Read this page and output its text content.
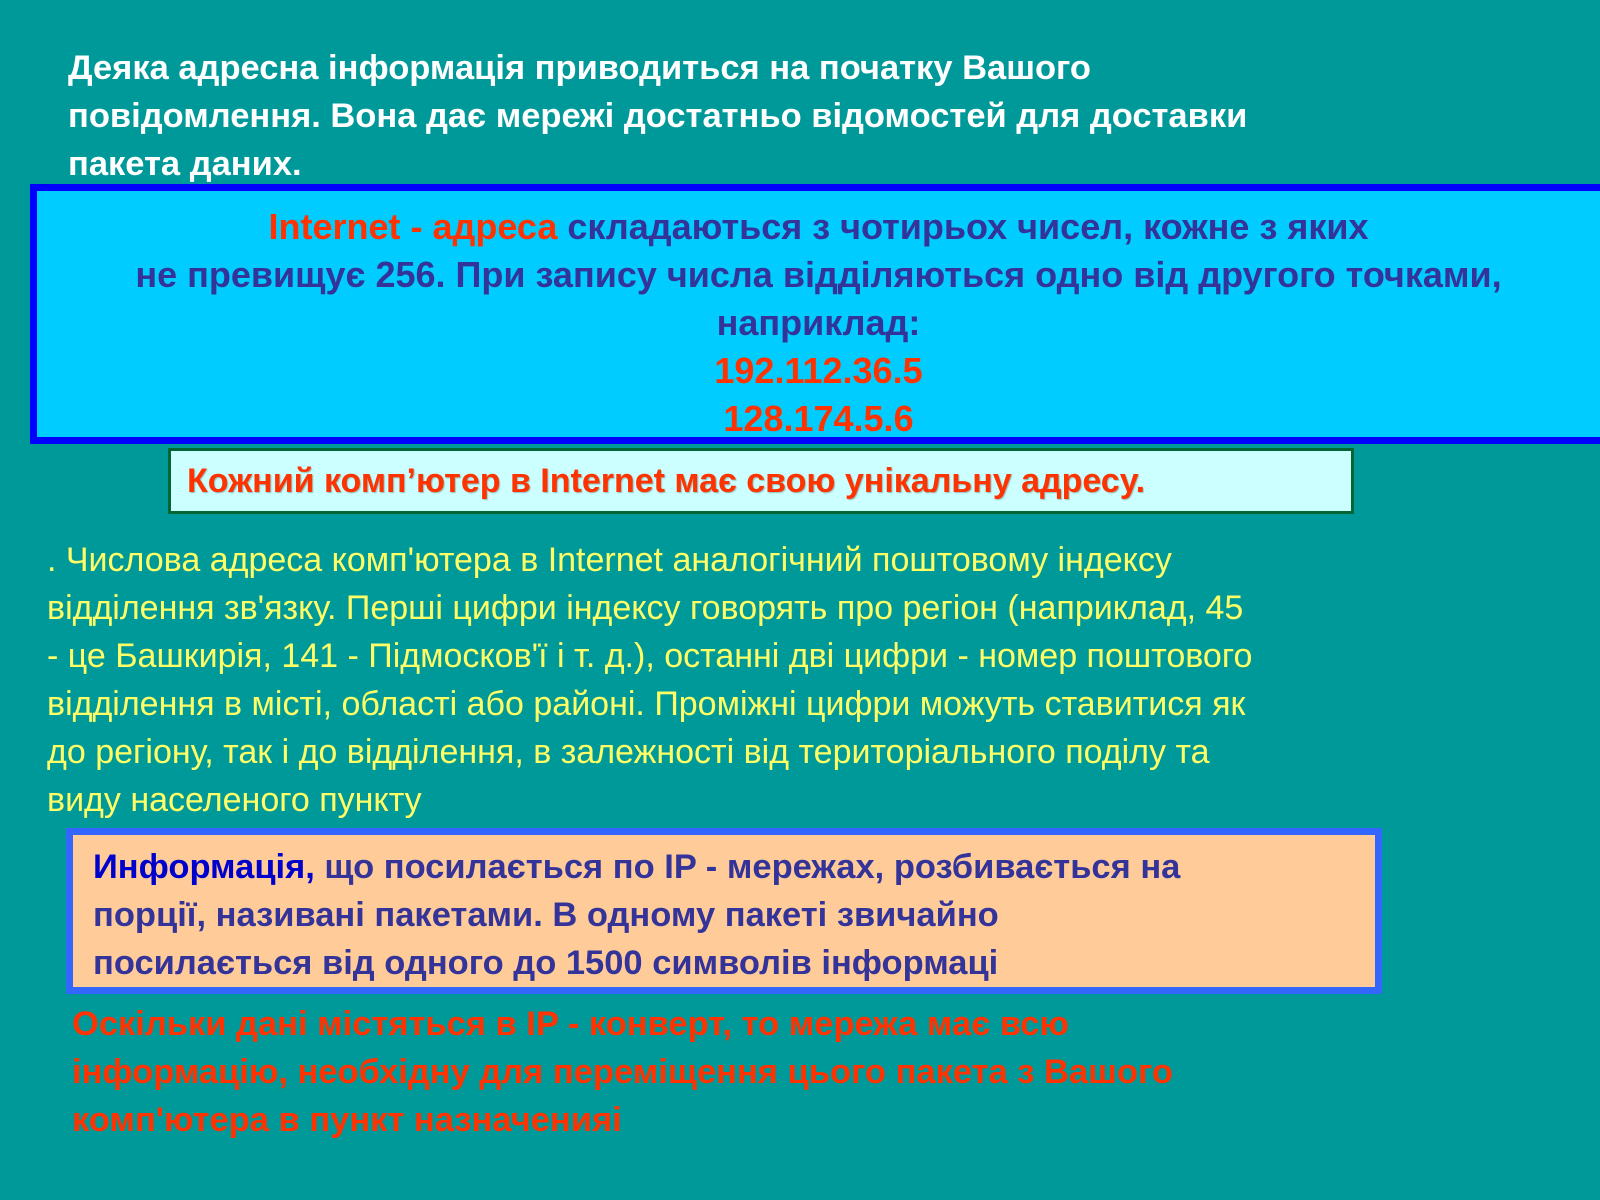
Деяка адресна інформація приводиться на початку Вашого
повідомлення. Вона дає мережі достатньо відомостей для доставки
пакета даних.

Internet - адреса складаються з чотирьох чисел, кожне з яких

не превищує 256. При запису числа відділяються одно від другого точками,

наприклад:

192.112.36.5
128.174.5.6
Кожний комп’ютер в Internet має свою унікальну адресу.
. Числова адреса комп'ютера в Internet аналогічний поштовому індексу
відділення зв'язку. Перші цифри індексу говорять про регіон (наприклад, 45
- це Башкирія, 141 - Підмосков'ї і т. д.), останні дві цифри - номер поштового
відділення в місті, області або районі. Проміжні цифри можуть ставитися як
до регіону, так і до відділення, в залежності від територіального поділу та
виду населеного пункту
Информація, що посилається по IP - мережах, розбивається на
порції, називані пакетами. В одному пакеті звичайно
посилається від одного до 1500 символів інформаці
Оскільки дані містяться в IP - конверт, то мережа має всю
інформацію, необхідну для переміщення цього пакета з Вашого
комп'ютера в пункт назначенияі
